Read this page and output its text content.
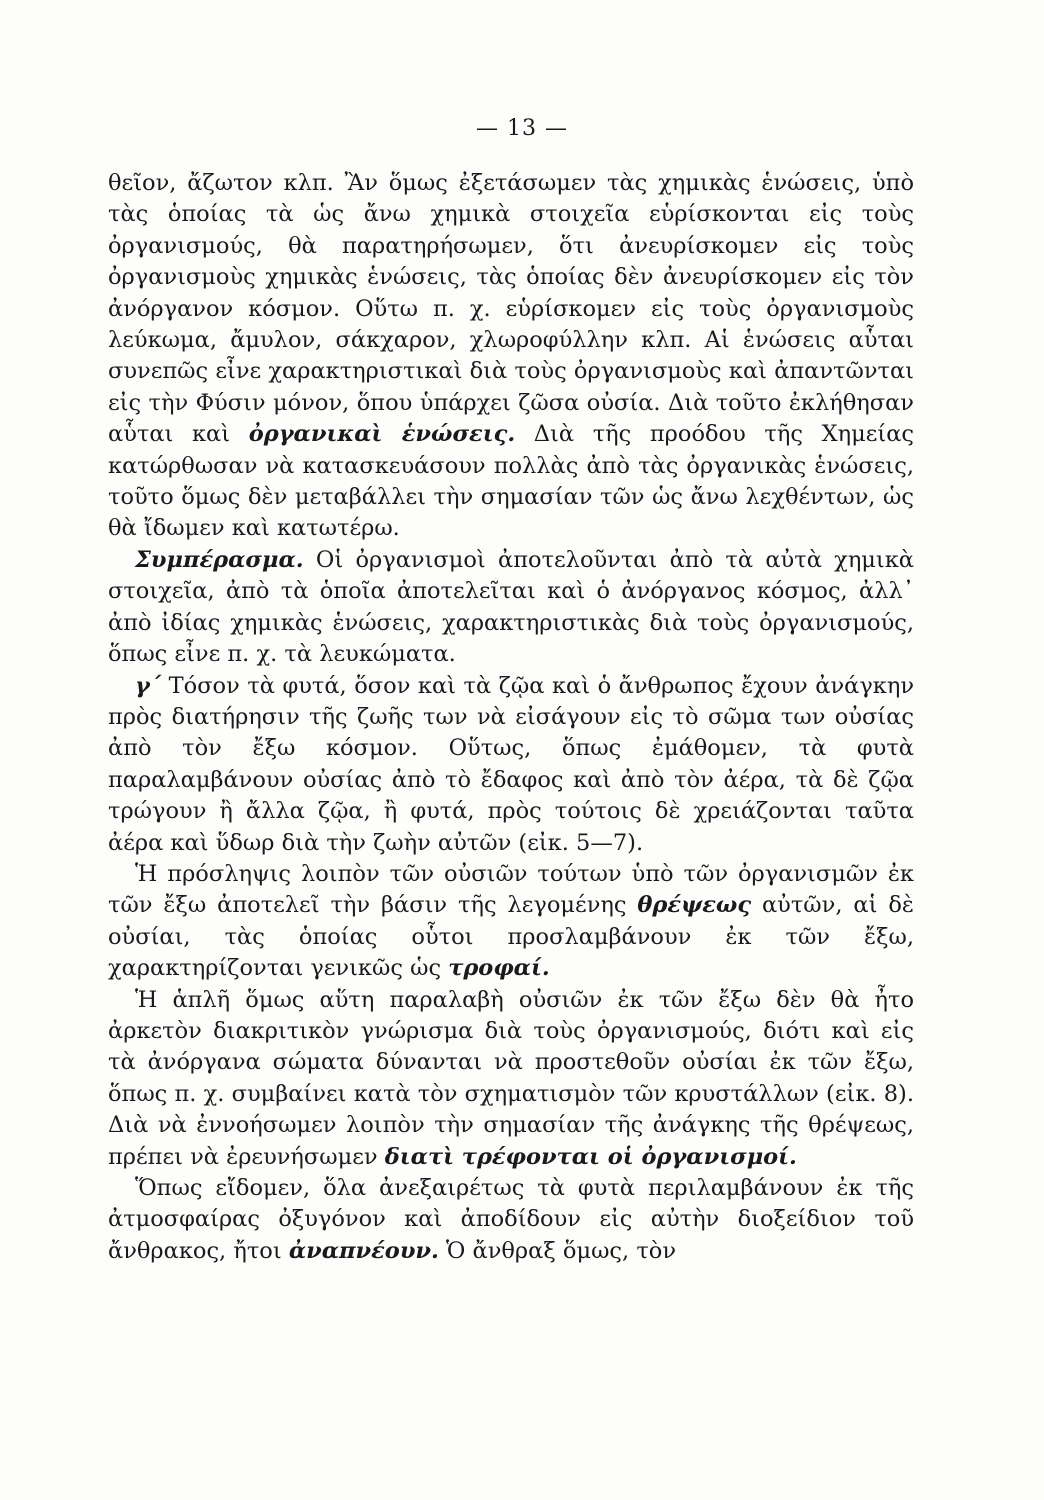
— 13 —

θεῖον, ἄζωτον κλπ. Ἂν ὅμως ἐξετάσωμεν τὰς χημικὰς ἑνώσεις, ὑπὸ τὰς ὁποίας τὰ ὡς ἄνω χημικὰ στοιχεῖα εὑρίσκονται εἰς τοὺς ὀργανισμούς, θὰ παρατηρήσωμεν, ὅτι ἀνευρίσκομεν εἰς τοὺς ὀργανισμοὺς χημικὰς ἑνώσεις, τὰς ὁποίας δὲν ἀνευρίσκομεν εἰς τὸν ἀνόργανον κόσμον. Οὕτω π. χ. εὑρίσκομεν εἰς τοὺς ὀργανισμοὺς λεύκωμα, ἄμυλον, σάκχαρον, χλωροφύλλην κλπ. Αἱ ἑνώσεις αὗται συνεπῶς εἶνε χαρακτηριστικαὶ διὰ τοὺς ὀργανισμοὺς καὶ ἀπαντῶνται εἰς τὴν Φύσιν μόνον, ὅπου ὑπάρχει ζῶσα οὐσία. Διὰ τοῦτο ἐκλήθησαν αὗται καὶ ὀργανικαὶ ἑνώσεις. Διὰ τῆς προόδου τῆς Χημείας κατώρθωσαν νὰ κατασκευάσουν πολλὰς ἀπὸ τὰς ὀργανικὰς ἑνώσεις, τοῦτο ὅμως δὲν μεταβάλλει τὴν σημασίαν τῶν ὡς ἄνω λεχθέντων, ὡς θὰ ἴδωμεν καὶ κατωτέρω.

Συμπέρασμα. Οἱ ὀργανισμοὶ ἀποτελοῦνται ἀπὸ τὰ αὐτὰ χημικὰ στοιχεῖα, ἀπὸ τὰ ὁποῖα ἀποτελεῖται καὶ ὁ ἀνόργανος κόσμος, ἀλλ᾽ ἀπὸ ἰδίας χημικὰς ἑνώσεις, χαρακτηριστικὰς διὰ τοὺς ὀργανισμούς, ὅπως εἶνε π. χ. τὰ λευκώματα.

γ´ Τόσον τὰ φυτά, ὅσον καὶ τὰ ζῷα καὶ ὁ ἄνθρωπος ἔχουν ἀνάγκην πρὸς διατήρησιν τῆς ζωῆς των νὰ εἰσάγουν εἰς τὸ σῶμα των οὐσίας ἀπὸ τὸν ἔξω κόσμον. Οὕτως, ὅπως ἐμάθομεν, τὰ φυτὰ παραλαμβάνουν οὐσίας ἀπὸ τὸ ἔδαφος καὶ ἀπὸ τὸν ἀέρα, τὰ δὲ ζῷα τρώγουν ἢ ἄλλα ζῷα, ἢ φυτά, πρὸς τούτοις δὲ χρειάζονται ταῦτα ἀέρα καὶ ὕδωρ διὰ τὴν ζωὴν αὐτῶν (εἰκ. 5—7).

Ἡ πρόσληψις λοιπὸν τῶν οὐσιῶν τούτων ὑπὸ τῶν ὀργανισμῶν ἐκ τῶν ἔξω ἀποτελεῖ τὴν βάσιν τῆς λεγομένης θρέψεως αὐτῶν, αἱ δὲ οὐσίαι, τὰς ὁποίας οὗτοι προσλαμβάνουν ἐκ τῶν ἔξω, χαρακτηρίζονται γενικῶς ὡς τροφαί.

Ἡ ἁπλῆ ὅμως αὕτη παραλαβὴ οὐσιῶν ἐκ τῶν ἔξω δὲν θὰ ἦτο ἀρκετὸν διακριτικὸν γνώρισμα διὰ τοὺς ὀργανισμούς, διότι καὶ εἰς τὰ ἀνόργανα σώματα δύνανται νὰ προστεθοῦν οὐσίαι ἐκ τῶν ἔξω, ὅπως π. χ. συμβαίνει κατὰ τὸν σχηματισμὸν τῶν κρυστάλλων (εἰκ. 8). Διὰ νὰ ἐννοήσωμεν λοιπὸν τὴν σημασίαν τῆς ἀνάγκης τῆς θρέψεως, πρέπει νὰ ἐρευνήσωμεν διατὶ τρέφονται οἱ ὀργανισμοί.

Ὅπως εἴδομεν, ὅλα ἀνεξαιρέτως τὰ φυτὰ περιλαμβάνουν ἐκ τῆς ἀτμοσφαίρας ὀξυγόνον καὶ ἀποδίδουν εἰς αὐτὴν διοξείδιον τοῦ ἄνθρακος, ἤτοι ἀναπνέουν. Ὁ ἄνθραξ ὅμως, τὸν
